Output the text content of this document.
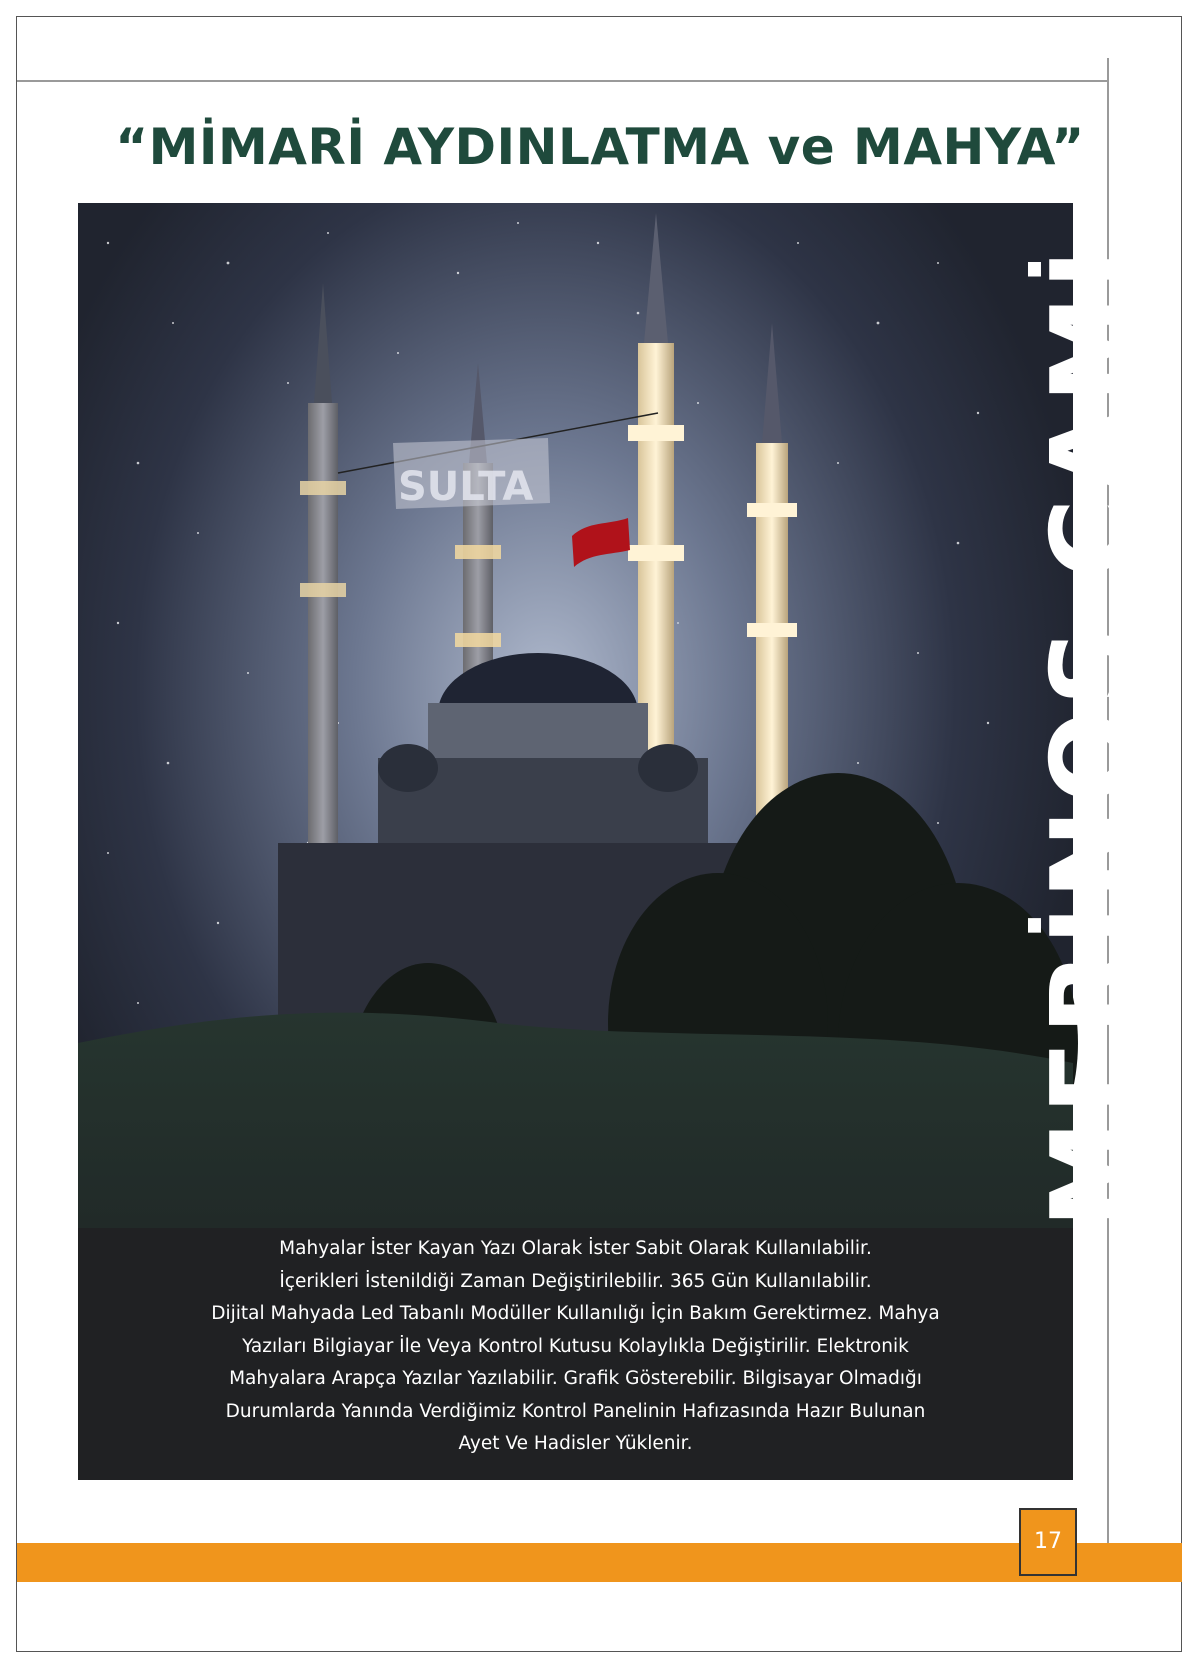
“MİMARİ AYDINLATMA ve MAHYA”
SULTA	MERİNOS CAMİ
Mahyalar İster Kayan Yazı Olarak İster Sabit Olarak Kullanılabilir.
İçerikleri İstenildiği Zaman Değiştirilebilir. 365 Gün Kullanılabilir.
Dijital Mahyada Led Tabanlı Modüller Kullanılığı İçin Bakım Gerektirmez. Mahya
Yazıları Bilgiayar İle Veya Kontrol Kutusu Kolaylıkla Değiştirilir. Elektronik
Mahyalara Arapça Yazılar Yazılabilir. Grafik Gösterebilir. Bilgisayar Olmadığı
Durumlarda Yanında Verdiğimiz Kontrol Panelinin Hafızasında Hazır Bulunan
Ayet Ve Hadisler Yüklenir.
17
